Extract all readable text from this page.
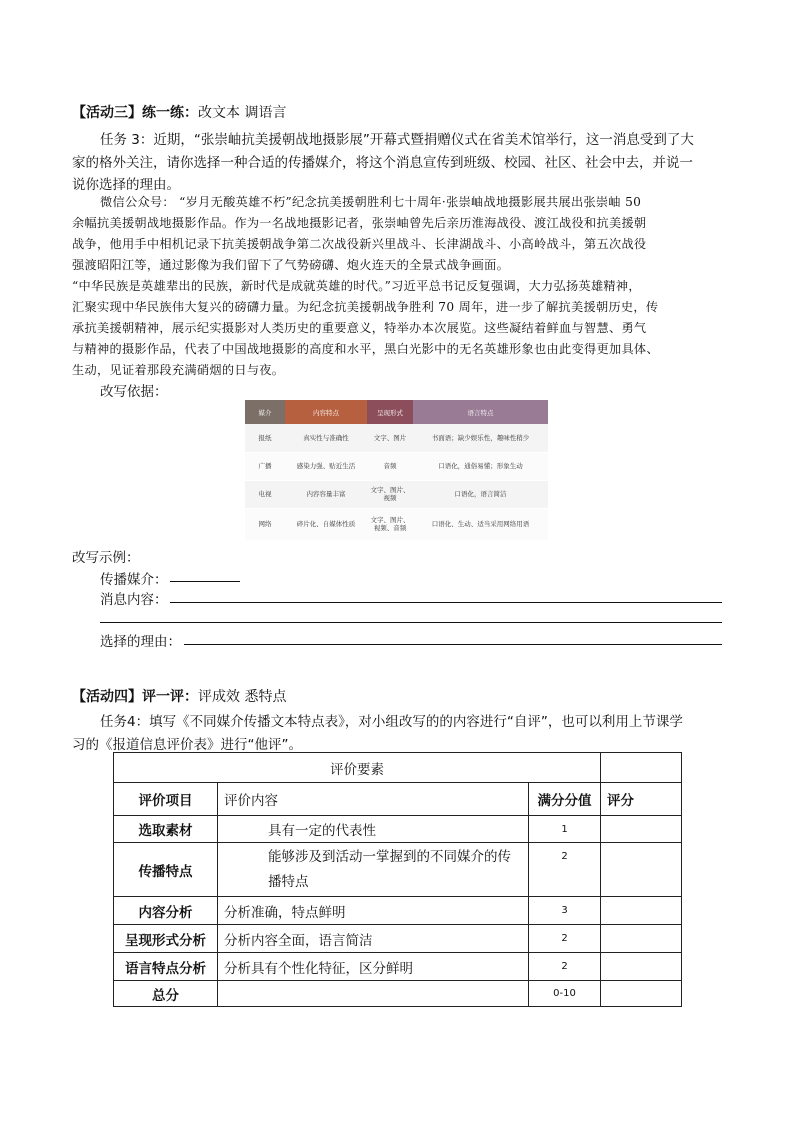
【活动三】练一练：改文本 调语言
任务 3：近期，“张崇岫抗美援朝战地摄影展”开幕式暨捐赠仪式在省美术馆举行，这一消息受到了大
家的格外关注，请你选择一种合适的传播媒介，将这个消息宣传到班级、校园、社区、社会中去，并说一
说你选择的理由。
微信公众号： “岁月无酸英雄不朽”纪念抗美援朝胜利七十周年·张崇岫战地摄影展共展出张崇岫 50
余幅抗美援朝战地摄影作品。作为一名战地摄影记者，张崇岫曾先后亲历淮海战役、渡江战役和抗美援朝
战争，他用手中相机记录下抗美援朝战争第二次战役新兴里战斗、长津湖战斗、小高岭战斗，第五次战役
强渡昭阳江等，通过影像为我们留下了气势磅礴、炮火连天的全景式战争画面。
“中华民族是英雄辈出的民族，新时代是成就英雄的时代。”习近平总书记反复强调，大力弘扬英雄精神，
汇聚实现中华民族伟大复兴的磅礴力量。为纪念抗美援朝战争胜利 70 周年，进一步了解抗美援朝历史，传
承抗美援朝精神，展示纪实摄影对人类历史的重要意义，特举办本次展览。这些凝结着鲜血与智慧、勇气
与精神的摄影作品，代表了中国战地摄影的高度和水平，黑白光影中的无名英雄形象也由此变得更加具体、
生动，见证着那段充满硝烟的日与夜。
改写依据：
媒介	内容特点	呈现形式	语言特点
报纸	真实性与准确性	文字、图片	书面语；缺少娱乐性，趣味性稍少
广播	感染力强、贴近生活	音频	口语化，通俗易懂；形象生动
电视	内容容量丰富	文字、图片、视频	口语化，语言简洁
网络	碎片化、自媒体性质	文字、图片、视频、音频	口语化、生动、适当采用网络用语
改写示例：
传播媒介：
消息内容：
选择的理由：
【活动四】评一评：评成效 悉特点
任务4：填写《不同媒介传播文本特点表》，对小组改写的的内容进行“自评”，也可以利用上节课学
习的《报道信息评价表》进行“他评”。
评价要素			
评价项目	评价内容	满分分值	评分
选取素材	具有一定的代表性	1	
传播特点	能够涉及到活动一掌握到的不同媒介的传播特点	2	
内容分析	分析准确，特点鲜明	3	
呈现形式分析	分析内容全面，语言简洁	2	
语言特点分析	分析具有个性化特征，区分鲜明	2	
总分		0-10	
